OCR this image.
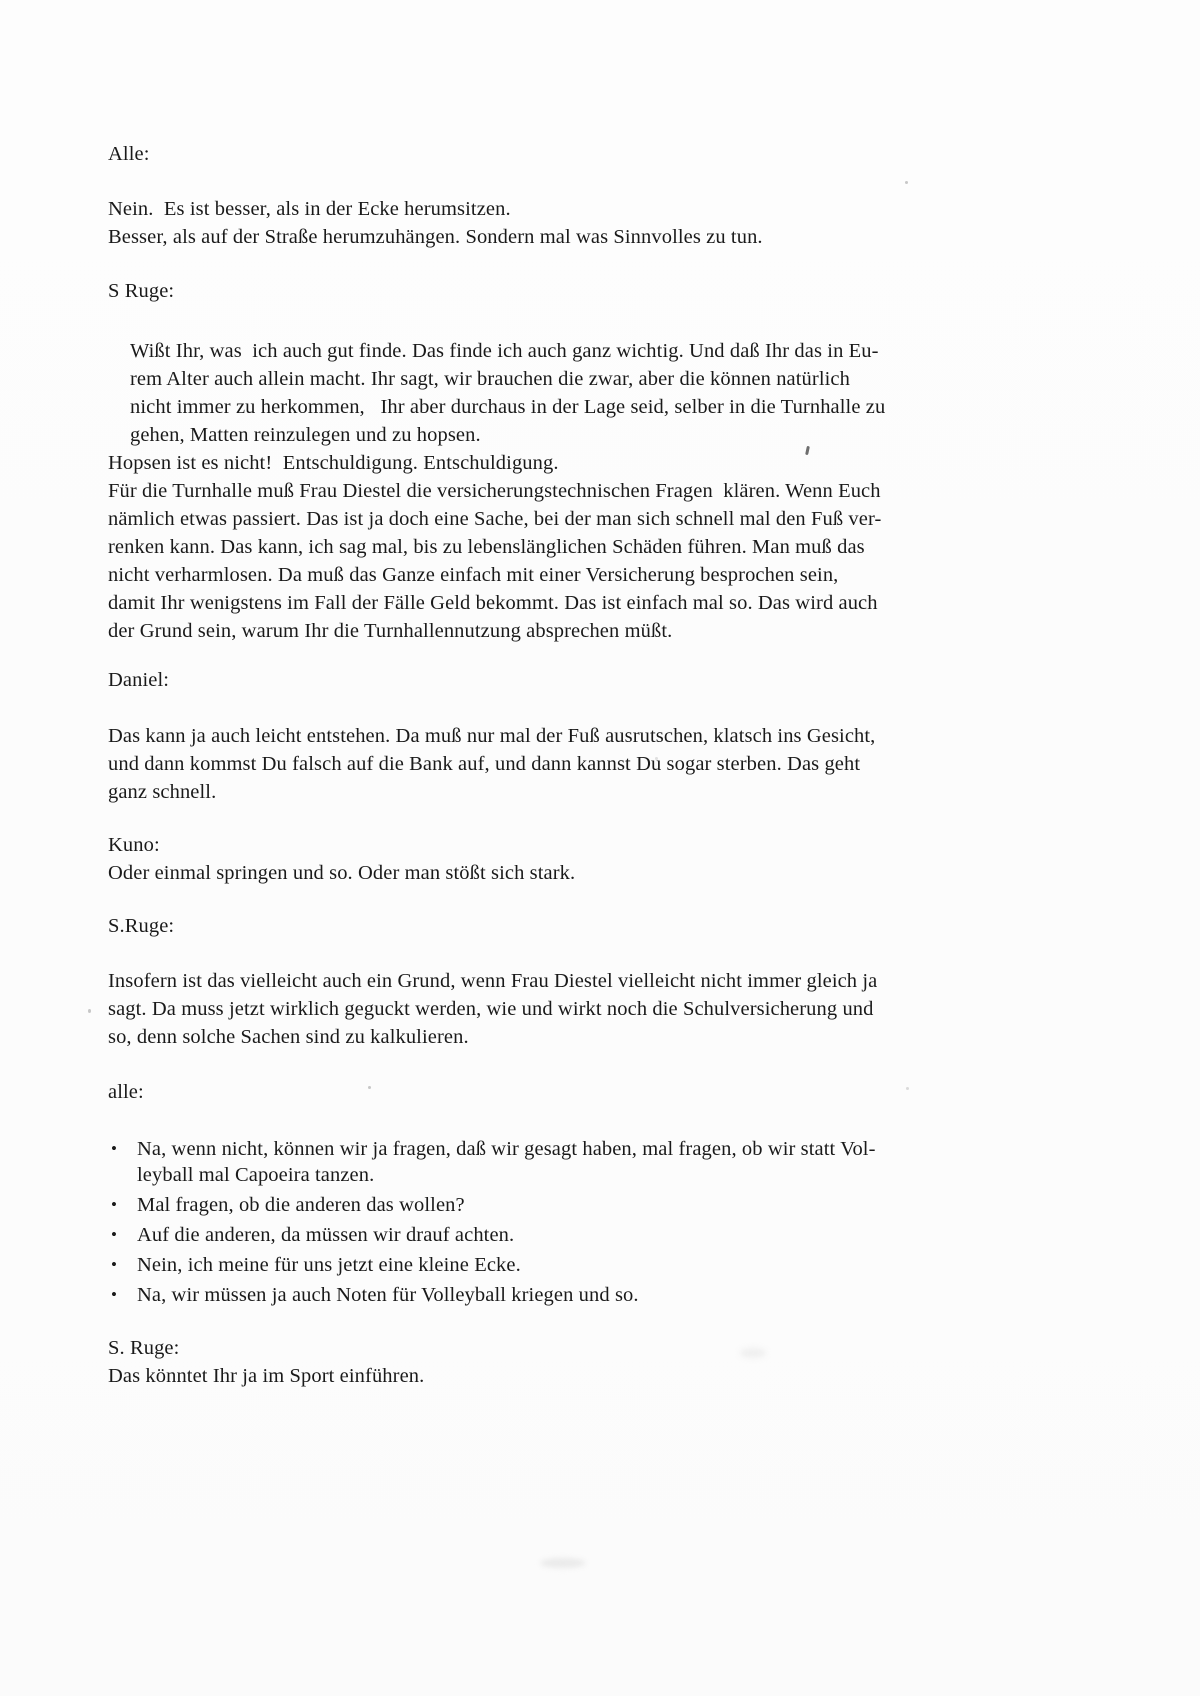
Alle:
Nein.  Es ist besser, als in der Ecke herumsitzen.
Besser, als auf der Straße herumzuhängen. Sondern mal was Sinnvolles zu tun.
S Ruge:
Wißt Ihr, was  ich auch gut finde. Das finde ich auch ganz wichtig. Und daß Ihr das in Eu-
rem Alter auch allein macht. Ihr sagt, wir brauchen die zwar, aber die können natürlich
nicht immer zu herkommen,   Ihr aber durchaus in der Lage seid, selber in die Turnhalle zu
gehen, Matten reinzulegen und zu hopsen.
Hopsen ist es nicht!  Entschuldigung. Entschuldigung.
Für die Turnhalle muß Frau Diestel die versicherungstechnischen Fragen  klären. Wenn Euch
nämlich etwas passiert. Das ist ja doch eine Sache, bei der man sich schnell mal den Fuß ver-
renken kann. Das kann, ich sag mal, bis zu lebenslänglichen Schäden führen. Man muß das
nicht verharmlosen. Da muß das Ganze einfach mit einer Versicherung besprochen sein,
damit Ihr wenigstens im Fall der Fälle Geld bekommt. Das ist einfach mal so. Das wird auch
der Grund sein, warum Ihr die Turnhallennutzung absprechen müßt.
Daniel:
Das kann ja auch leicht entstehen. Da muß nur mal der Fuß ausrutschen, klatsch ins Gesicht,
und dann kommst Du falsch auf die Bank auf, und dann kannst Du sogar sterben. Das geht
ganz schnell.
Kuno:
Oder einmal springen und so. Oder man stößt sich stark.
S.Ruge:
Insofern ist das vielleicht auch ein Grund, wenn Frau Diestel vielleicht nicht immer gleich ja
sagt. Da muss jetzt wirklich geguckt werden, wie und wirkt noch die Schulversicherung und
so, denn solche Sachen sind zu kalkulieren.
alle:
• Na, wenn nicht, können wir ja fragen, daß wir gesagt haben, mal fragen, ob wir statt Vol-
leyball mal Capoeira tanzen.
• Mal fragen, ob die anderen das wollen?
• Auf die anderen, da müssen wir drauf achten.
• Nein, ich meine für uns jetzt eine kleine Ecke.
• Na, wir müssen ja auch Noten für Volleyball kriegen und so.
S. Ruge:
Das könntet Ihr ja im Sport einführen.
